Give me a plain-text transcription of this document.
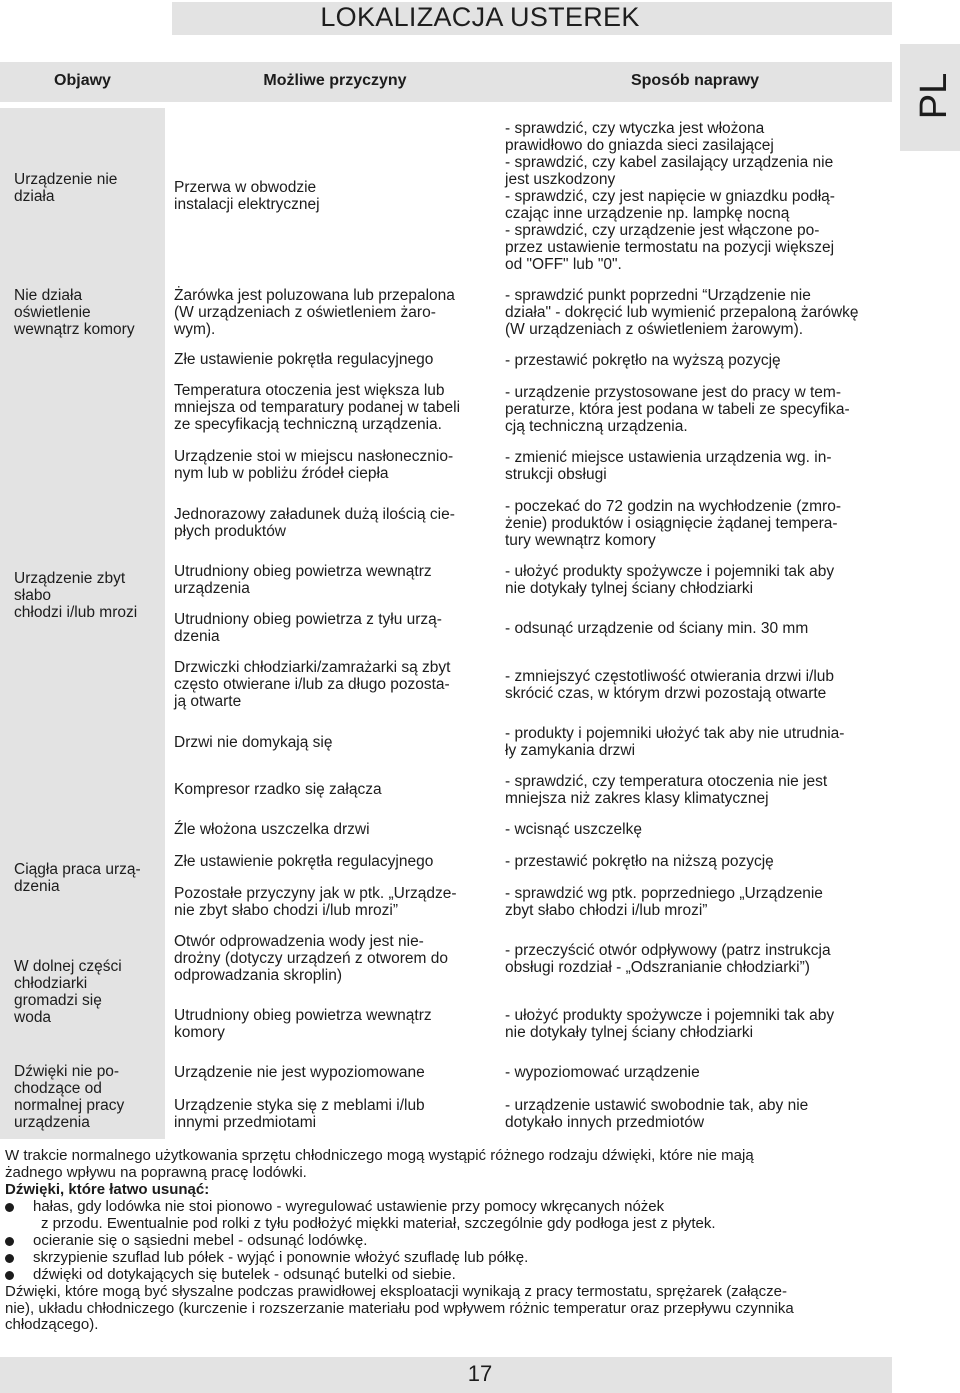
LOKALIZACJA USTEREK
PL
Objawy	Możliwe przyczyny	Sposób naprawy
Urządzenie nie
działa
Nie działa
oświetlenie
wewnątrz komory
Urządzenie zbyt
słabo
chłodzi i/lub mrozi
Ciągła praca urzą-
dzenia
W dolnej części
chłodziarki
gromadzi się
woda
Dźwięki nie po-
chodzące od
normalnej pracy
urządzenia
Przerwa w obwodzie
instalacji elektrycznej
Żarówka jest poluzowana lub przepalona
(W urządzeniach z oświetleniem żaro-
wym).
Złe ustawienie pokrętła regulacyjnego
Temperatura otoczenia jest większa lub
mniejsza od temparatury podanej w tabeli
ze specyfikacją techniczną urządzenia.
Urządzenie stoi w miejscu nasłonecznio-
nym lub w pobliżu źródeł ciepła
Jednorazowy załadunek dużą ilością cie-
płych produktów
Utrudniony obieg powietrza wewnątrz
urządzenia
Utrudniony obieg powietrza z tyłu urzą-
dzenia
Drzwiczki chłodziarki/zamrażarki są zbyt
często otwierane i/lub za długo pozosta-
ją otwarte
Drzwi nie domykają się
Kompresor rzadko się załącza
Źle włożona uszczelka drzwi
Złe ustawienie pokrętła regulacyjnego
Pozostałe przyczyny jak w ptk. „Urządze-
nie zbyt słabo chodzi i/lub mrozi”
Otwór odprowadzenia wody jest nie-
drożny (dotyczy urządzeń z otworem do
odprowadzania skroplin)
Utrudniony obieg powietrza wewnątrz
komory
Urządzenie nie jest wypoziomowane
Urządzenie styka się z meblami i/lub
innymi przedmiotami
- sprawdzić, czy wtyczka jest włożona
prawidłowo do gniazda sieci zasilającej
- sprawdzić, czy kabel zasilający urządzenia nie
jest uszkodzony
- sprawdzić, czy jest napięcie w gniazdku podłą-
czając inne urządzenie np. lampkę nocną
- sprawdzić, czy urządzenie jest włączone po-
przez ustawienie termostatu na pozycji większej
od "OFF" lub "0".
- sprawdzić punkt poprzedni “Urządzenie nie
działa" - dokręcić lub wymienić przepaloną żarówkę
(W urządzeniach z oświetleniem żarowym).
- przestawić pokrętło na wyższą pozycję
- urządzenie przystosowane jest do pracy w tem-
peraturze, która jest podana w tabeli ze specyfika-
cją techniczną urządzenia.
- zmienić miejsce ustawienia urządzenia wg. in-
strukcji obsługi
- poczekać do 72 godzin na wychłodzenie (zmro-
żenie) produktów i osiągnięcie żądanej tempera-
tury wewnątrz komory
- ułożyć produkty spożywcze i pojemniki tak aby
nie dotykały tylnej ściany chłodziarki
- odsunąć urządzenie od ściany min. 30 mm
- zmniejszyć częstotliwość otwierania drzwi i/lub
skrócić czas, w którym drzwi pozostają otwarte
- produkty i pojemniki ułożyć tak aby nie utrudnia-
ły zamykania drzwi
- sprawdzić, czy temperatura otoczenia nie jest
mniejsza niż zakres klasy klimatycznej
- wcisnąć uszczelkę
- przestawić pokrętło na niższą pozycję
- sprawdzić wg ptk. poprzedniego „Urządzenie
zbyt słabo chłodzi i/lub mrozi”
- przeczyścić otwór odpływowy (patrz instrukcja
obsługi rozdział - „Odszranianie chłodziarki”)
- ułożyć produkty spożywcze i pojemniki tak aby
nie dotykały tylnej ściany chłodziarki
- wypoziomować urządzenie
- urządzenie ustawić swobodnie tak, aby nie
dotykało innych przedmiotów
W trakcie normalnego użytkowania sprzętu chłodniczego mogą wystąpić różnego rodzaju dźwięki, które nie mają
żadnego wpływu na poprawną pracę lodówki.
Dźwięki, które łatwo usunąć:
hałas, gdy lodówka nie stoi pionowo - wyregulować ustawienie przy pomocy wkręcanych nóżek
z przodu. Ewentualnie pod rolki z tyłu podłożyć miękki materiał, szczególnie gdy podłoga jest z płytek.
ocieranie się o sąsiedni mebel - odsunąć lodówkę.
skrzypienie szuflad lub półek - wyjąć i ponownie włożyć szufladę lub półkę.
dźwięki od dotykających się butelek - odsunąć butelki od siebie.
Dźwięki, które mogą być słyszalne podczas prawidłowej eksploatacji wynikają z pracy termostatu, sprężarek (załącze-
nie), układu chłodniczego (kurczenie i rozszerzanie materiału pod wpływem różnic temperatur oraz przepływu czynnika
chłodzącego).
17
